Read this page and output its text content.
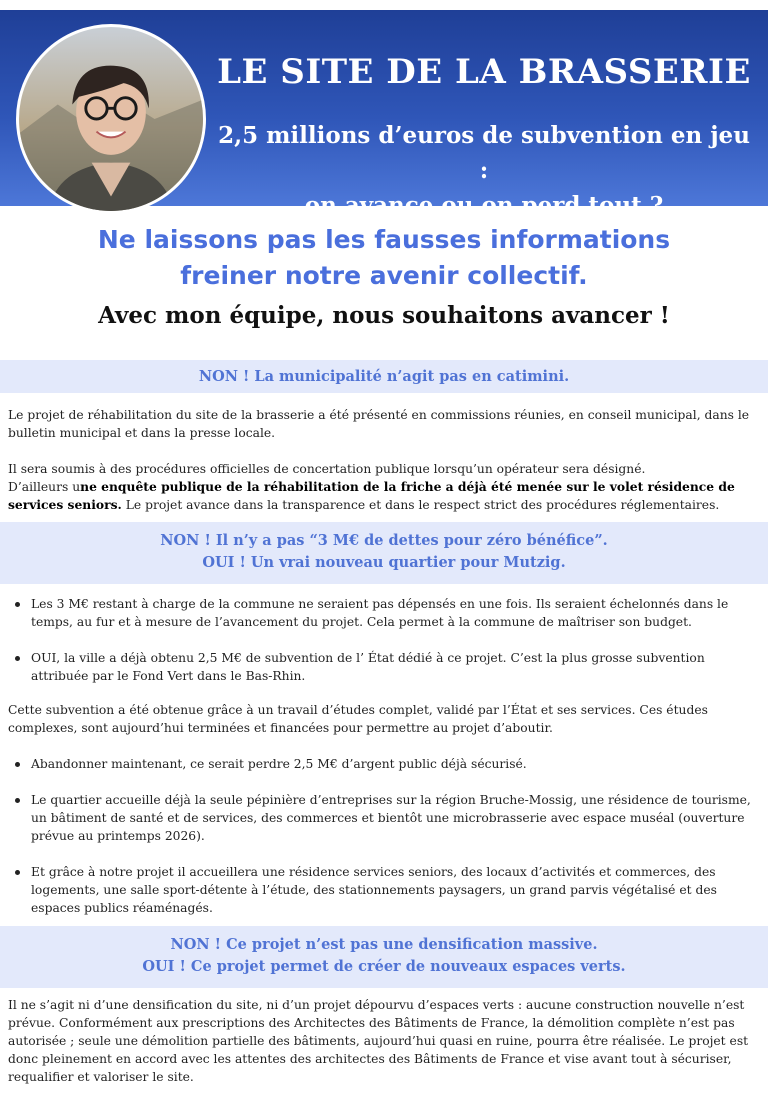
LE SITE DE LA BRASSERIE
2,5 millions d’euros de subvention en jeu :
on avance ou on perd tout ?
Ne laissons pas les fausses informations
freiner notre avenir collectif.
Avec mon équipe, nous souhaitons avancer !
NON ! La municipalité n’agit pas en catimini.
Le projet de réhabilitation du site de la brasserie a été présenté en commissions réunies, en conseil municipal, dans le bulletin municipal et dans la presse locale.
Il sera soumis à des procédures officielles de concertation publique lorsqu’un opérateur sera désigné.
D’ailleurs une enquête publique de la réhabilitation de la friche a déjà été menée sur le volet résidence de services seniors. Le projet avance dans la transparence et dans le respect strict des procédures réglementaires.
NON ! Il n’y a pas “3 M€ de dettes pour zéro bénéfice”.
OUI ! Un vrai nouveau quartier pour Mutzig.
Les 3 M€ restant à charge de la commune ne seraient pas dépensés en une fois. Ils seraient échelonnés dans le temps, au fur et à mesure de l’avancement du projet. Cela permet à la commune de maîtriser son budget.
OUI, la ville a déjà obtenu 2,5 M€ de subvention de l’ État dédié à ce projet. C’est la plus grosse subvention attribuée par le Fond Vert dans le Bas-Rhin.
Cette subvention a été obtenue grâce à un travail d’études complet, validé par l’État et ses services. Ces études complexes, sont aujourd’hui terminées et financées pour permettre au projet d’aboutir.
Abandonner maintenant, ce serait perdre 2,5 M€ d’argent public déjà sécurisé.
Le quartier accueille déjà la seule pépinière d’entreprises sur la région Bruche-Mossig, une résidence de tourisme, un bâtiment de santé et de services, des commerces et bientôt une microbrasserie avec espace muséal (ouverture prévue au printemps 2026).
Et grâce à notre projet il accueillera une résidence services seniors, des locaux d’activités et commerces, des logements, une salle sport-détente à l’étude, des stationnements paysagers, un grand parvis végétalisé et des espaces publics réaménagés.
NON ! Ce projet n’est pas une densification massive.
OUI ! Ce projet permet de créer de nouveaux espaces verts.
Il ne s’agit ni d’une densification du site, ni d’un projet dépourvu d’espaces verts : aucune construction nouvelle n’est prévue. Conformément aux prescriptions des Architectes des Bâtiments de France, la démolition complète n’est pas autorisée ; seule une démolition partielle des bâtiments, aujourd’hui quasi en ruine, pourra être réalisée. Le projet est donc pleinement en accord avec les attentes des architectes des Bâtiments de France et vise avant tout à sécuriser, requalifier et valoriser le site.
